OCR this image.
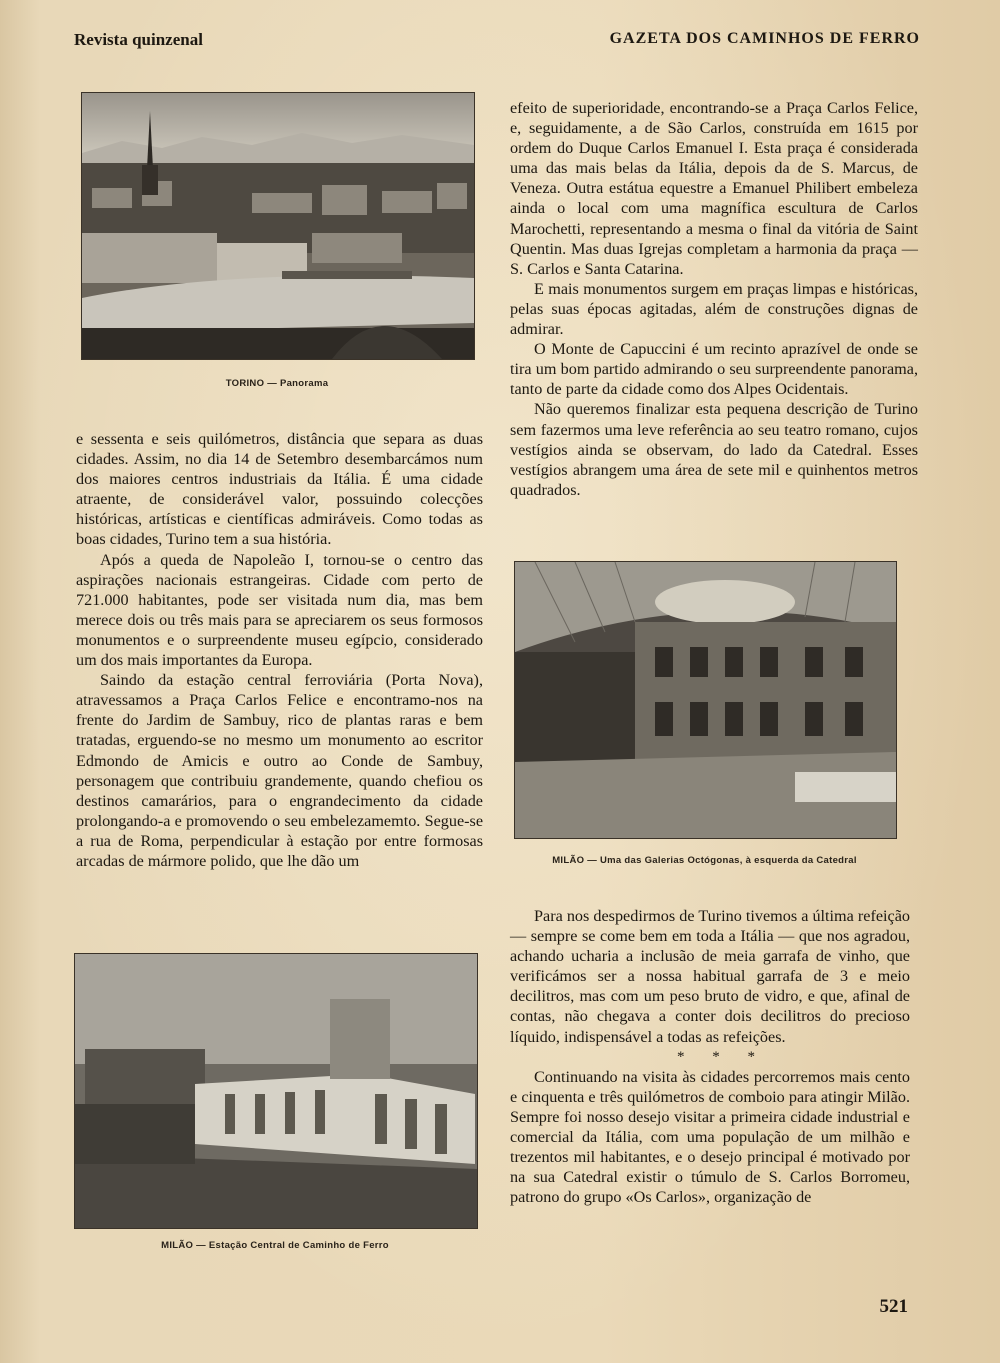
Revista quinzenal	GAZETA DOS CAMINHOS DE FERRO
TORINO — Panorama

e sessenta e seis quilómetros, distância que separa as duas cidades. Assim, no dia 14 de Setembro desembarcámos num dos maiores centros industriais da Itália. É uma cidade atraente, de considerável valor, possuindo colecções históricas, artísticas e científicas admiráveis. Como todas as boas cidades, Turino tem a sua história.

Após a queda de Napoleão I, tornou-se o centro das aspirações nacionais estrangeiras. Cidade com perto de 721.000 habitantes, pode ser visitada num dia, mas bem merece dois ou três mais para se apreciarem os seus formosos monumentos e o surpreendente museu egípcio, considerado um dos mais importantes da Europa.

Saindo da estação central ferroviária (Porta Nova), atravessamos a Praça Carlos Felice e encontramo-nos na frente do Jardim de Sambuy, rico de plantas raras e bem tratadas, erguendo-se no mesmo um monumento ao escritor Edmondo de Amicis e outro ao Conde de Sambuy, personagem que contribuiu grandemente, quando chefiou os destinos camarários, para o engrandecimento da cidade prolongando-a e promovendo o seu embelezamemto. Segue-se a rua de Roma, perpendicular à estação por entre formosas arcadas de mármore polido, que lhe dão um

MILÃO — Estação Central de Caminho de Ferro

efeito de superioridade, encontrando-se a Praça Carlos Felice, e, seguidamente, a de São Carlos, construída em 1615 por ordem do Duque Carlos Emanuel I. Esta praça é considerada uma das mais belas da Itália, depois da de S. Marcus, de Veneza. Outra estátua equestre a Emanuel Philibert embeleza ainda o local com uma magnífica escultura de Carlos Marochetti, representando a mesma o final da vitória de Saint Quentin. Mas duas Igrejas completam a harmonia da praça — S. Carlos e Santa Catarina.

E mais monumentos surgem em praças limpas e históricas, pelas suas épocas agitadas, além de construções dignas de admirar.

O Monte de Capuccini é um recinto aprazível de onde se tira um bom partido admirando o seu surpreendente panorama, tanto de parte da cidade como dos Alpes Ocidentais.

Não queremos finalizar esta pequena descrição de Turino sem fazermos uma leve referência ao seu teatro romano, cujos vestígios ainda se observam, do lado da Catedral. Esses vestígios abrangem uma área de sete mil e quinhentos metros quadrados.

MILÃO — Uma das Galerias Octógonas, à esquerda da Catedral

Para nos despedirmos de Turino tivemos a última refeição — sempre se come bem em toda a Itália — que nos agradou, achando ucharia a inclusão de meia garrafa de vinho, que verificámos ser a nossa habitual garrafa de 3 e meio decilitros, mas com um peso bruto de vidro, e que, afinal de contas, não chegava a conter dois decilitros do precioso líquido, indispensável a todas as refeições.

* * *

Continuando na visita às cidades percorremos mais cento e cinquenta e três quilómetros de comboio para atingir Milão. Sempre foi nosso desejo visitar a primeira cidade industrial e comercial da Itália, com uma população de um milhão e trezentos mil habitantes, e o desejo principal é motivado por na sua Catedral existir o túmulo de S. Carlos Borromeu, patrono do grupo «Os Carlos», organização de

521
